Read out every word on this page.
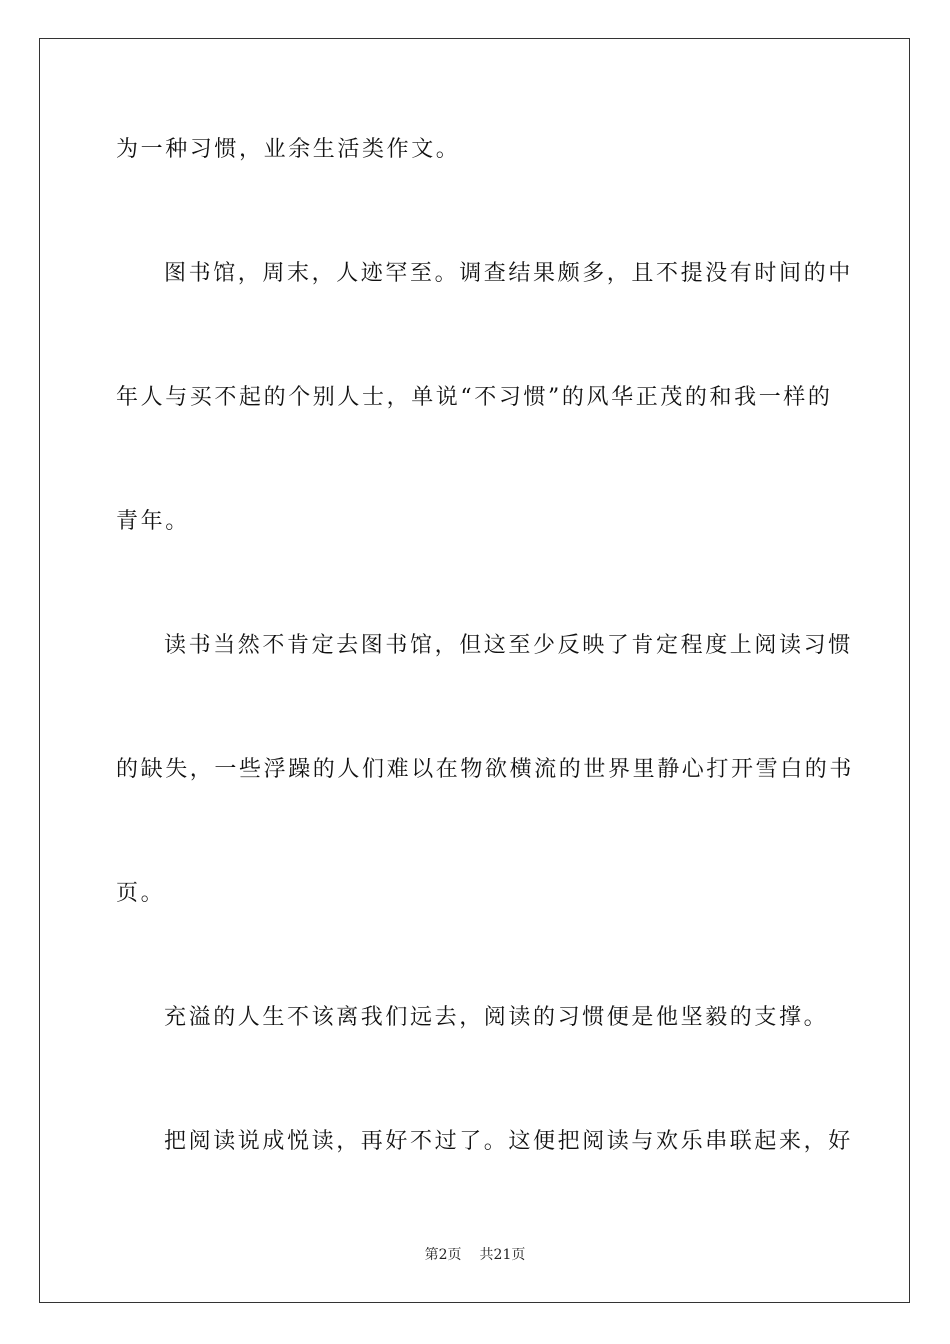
为一种习惯，业余生活类作文。
图书馆，周末，人迹罕至。调查结果颇多，且不提没有时间的中
年人与买不起的个别人士，单说“不习惯”的风华正茂的和我一样的
青年。
读书当然不肯定去图书馆，但这至少反映了肯定程度上阅读习惯
的缺失，一些浮躁的人们难以在物欲横流的世界里静心打开雪白的书
页。
充溢的人生不该离我们远去，阅读的习惯便是他坚毅的支撑。
把阅读说成悦读，再好不过了。这便把阅读与欢乐串联起来，好
第2页 共21页
